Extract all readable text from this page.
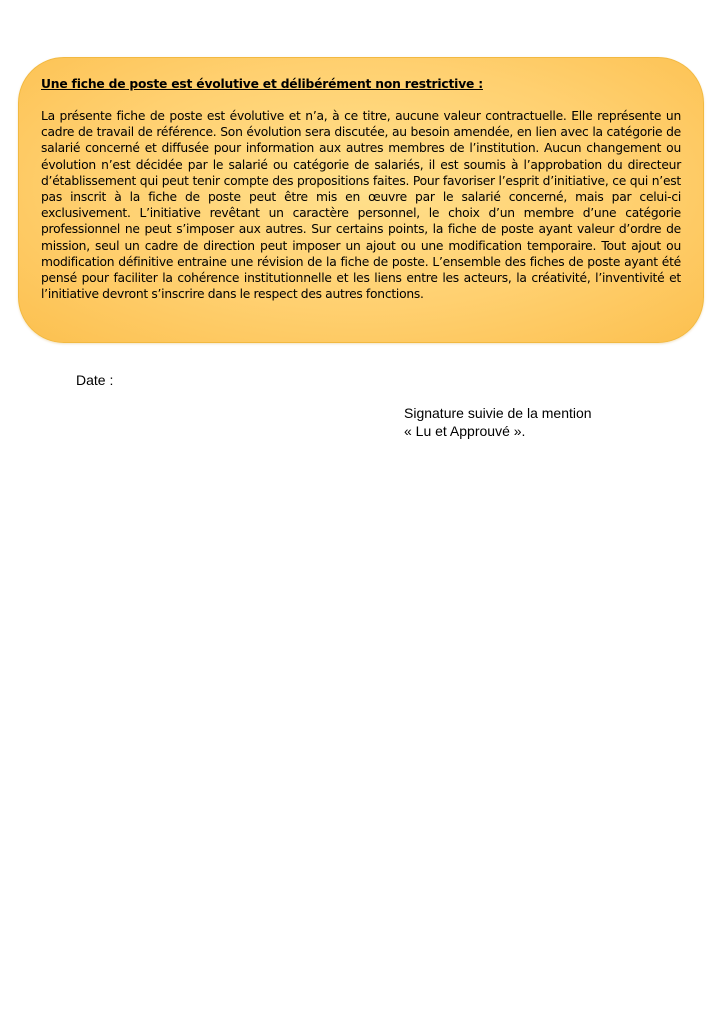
Une fiche de poste est évolutive et délibérément non restrictive :

La présente fiche de poste est évolutive et n’a, à ce titre, aucune valeur contractuelle. Elle représente un cadre de travail de référence. Son évolution sera discutée, au besoin amendée, en lien avec la catégorie de salarié concerné et diffusée pour information aux autres membres de l’institution. Aucun changement ou évolution n’est décidée par le salarié ou catégorie de salariés, il est soumis à l’approbation du directeur d’établissement qui peut tenir compte des propositions faites. Pour favoriser l’esprit d’initiative, ce qui n’est pas inscrit à la fiche de poste peut être mis en œuvre par le salarié concerné, mais par celui-ci exclusivement. L’initiative revêtant un caractère personnel, le choix d’un membre d’une catégorie professionnel ne peut s’imposer aux autres. Sur certains points, la fiche de poste ayant valeur d’ordre de mission, seul un cadre de direction peut imposer un ajout ou une modification temporaire. Tout ajout ou modification définitive entraine une révision de la fiche de poste. L’ensemble des fiches de poste ayant été pensé pour faciliter la cohérence institutionnelle et les liens entre les acteurs, la créativité, l’inventivité et l’initiative devront s’inscrire dans le respect des autres fonctions.

Date :
Signature suivie de la mention
« Lu et Approuvé ».
